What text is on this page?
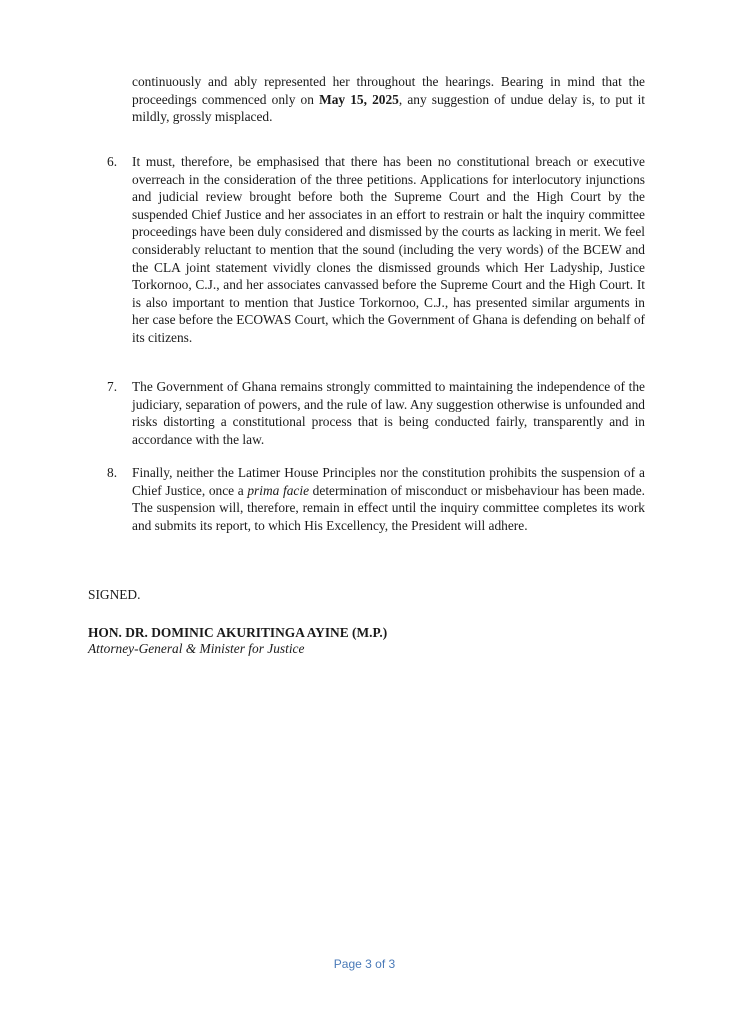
continuously and ably represented her throughout the hearings. Bearing in mind that the proceedings commenced only on May 15, 2025, any suggestion of undue delay is, to put it mildly, grossly misplaced.

6. It must, therefore, be emphasised that there has been no constitutional breach or executive overreach in the consideration of the three petitions. Applications for interlocutory injunctions and judicial review brought before both the Supreme Court and the High Court by the suspended Chief Justice and her associates in an effort to restrain or halt the inquiry committee proceedings have been duly considered and dismissed by the courts as lacking in merit. We feel considerably reluctant to mention that the sound (including the very words) of the BCEW and the CLA joint statement vividly clones the dismissed grounds which Her Ladyship, Justice Torkornoo, C.J., and her associates canvassed before the Supreme Court and the High Court. It is also important to mention that Justice Torkornoo, C.J., has presented similar arguments in her case before the ECOWAS Court, which the Government of Ghana is defending on behalf of its citizens.

7. The Government of Ghana remains strongly committed to maintaining the independence of the judiciary, separation of powers, and the rule of law. Any suggestion otherwise is unfounded and risks distorting a constitutional process that is being conducted fairly, transparently and in accordance with the law.

8. Finally, neither the Latimer House Principles nor the constitution prohibits the suspension of a Chief Justice, once a prima facie determination of misconduct or misbehaviour has been made. The suspension will, therefore, remain in effect until the inquiry committee completes its work and submits its report, to which His Excellency, the President will adhere.

SIGNED.
HON. DR. DOMINIC AKURITINGA AYINE (M.P.)
Attorney-General & Minister for Justice
Page 3 of 3
